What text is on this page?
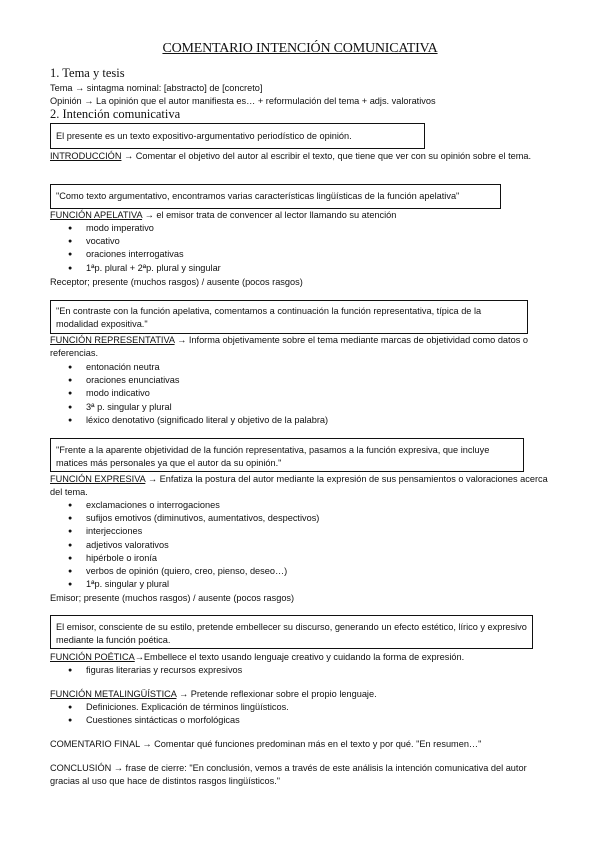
COMENTARIO INTENCIÓN COMUNICATIVA
1. Tema y tesis
Tema → sintagma nominal: [abstracto] de [concreto]
Opinión → La opinión que el autor manifiesta es… + reformulación del tema + adjs. valorativos
2. Intención comunicativa
El presente es un texto expositivo-argumentativo periodístico de opinión.
INTRODUCCIÓN → Comentar el objetivo del autor al escribir el texto, que tiene que ver con su opinión sobre el tema.
"Como texto argumentativo, encontramos varias características lingüísticas de la función apelativa"
FUNCIÓN APELATIVA → el emisor trata de convencer al lector llamando su atención
● modo imperativo
● vocativo
● oraciones interrogativas
● 1ªp. plural + 2ªp. plural y singular
Receptor; presente (muchos rasgos) / ausente (pocos rasgos)
"En contraste con la función apelativa, comentamos a continuación la función representativa, típica de la modalidad expositiva."
FUNCIÓN REPRESENTATIVA → Informa objetivamente sobre el tema mediante marcas de objetividad como datos o referencias.
● entonación neutra
● oraciones enunciativas
● modo indicativo
● 3ª p. singular y plural
● léxico denotativo (significado literal y objetivo de la palabra)
"Frente a la aparente objetividad de la función representativa, pasamos a la función expresiva, que incluye matices más personales ya que el autor da su opinión."
FUNCIÓN EXPRESIVA → Enfatiza la postura del autor mediante la expresión de sus pensamientos o valoraciones acerca del tema.
● exclamaciones o interrogaciones
● sufijos emotivos (diminutivos, aumentativos, despectivos)
● interjecciones
● adjetivos valorativos
● hipérbole o ironía
● verbos de opinión (quiero, creo, pienso, deseo…)
● 1ªp. singular y plural
Emisor; presente (muchos rasgos) / ausente (pocos rasgos)
El emisor, consciente de su estilo, pretende embellecer su discurso, generando un efecto estético, lírico y expresivo mediante la función poética.
FUNCIÓN POÉTICA→Embellece el texto usando lenguaje creativo y cuidando la forma de expresión.
● figuras literarias y recursos expresivos
FUNCIÓN METALINGÜÍSTICA → Pretende reflexionar sobre el propio lenguaje.
● Definiciones. Explicación de términos lingüísticos.
● Cuestiones sintácticas o morfológicas
COMENTARIO FINAL → Comentar qué funciones predominan más en el texto y por qué. "En resumen…"
CONCLUSIÓN → frase de cierre: "En conclusión, vemos a través de este análisis la intención comunicativa del autor gracias al uso que hace de distintos rasgos lingüísticos."
